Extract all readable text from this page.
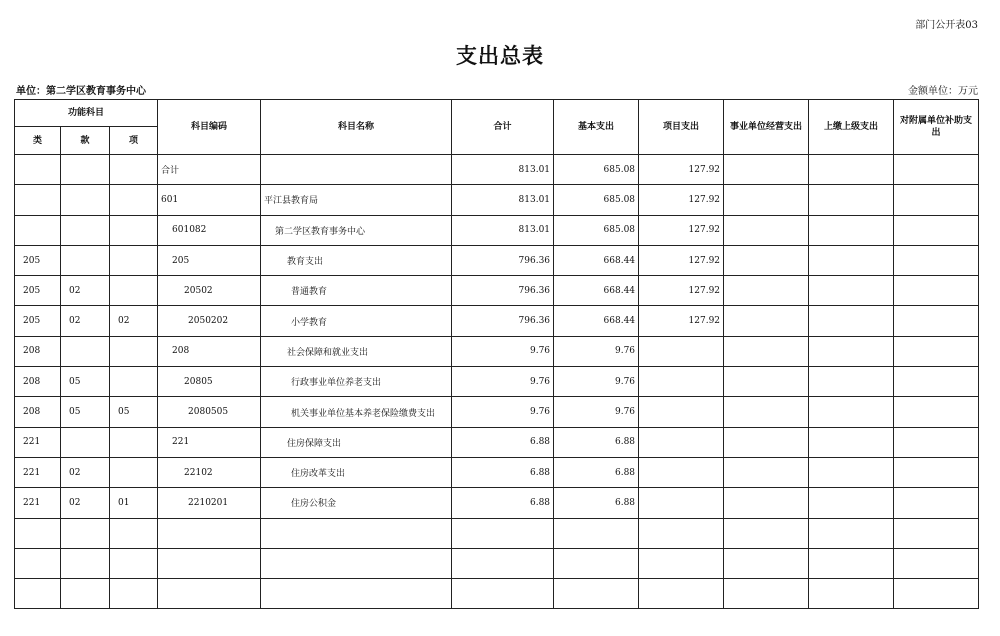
部门公开表03
支出总表
单位：第二学区教育事务中心	金额单位：万元
功能科目			科目编码	科目名称	合计	基本支出	项目支出	事业单位经营支出	上缴上级支出	对附属单位补助支出
类	款	项								
			合计		813.01	685.08	127.92			
			601	平江县教育局	813.01	685.08	127.92			
			601082	第二学区教育事务中心	813.01	685.08	127.92			
205			205	教育支出	796.36	668.44	127.92			
205	02		20502	普通教育	796.36	668.44	127.92			
205	02	02	2050202	小学教育	796.36	668.44	127.92			
208			208	社会保障和就业支出	9.76	9.76				
208	05		20805	行政事业单位养老支出	9.76	9.76				
208	05	05	2080505	机关事业单位基本养老保险缴费支出	9.76	9.76				
221			221	住房保障支出	6.88	6.88				
221	02		22102	住房改革支出	6.88	6.88				
221	02	01	2210201	住房公积金	6.88	6.88				
